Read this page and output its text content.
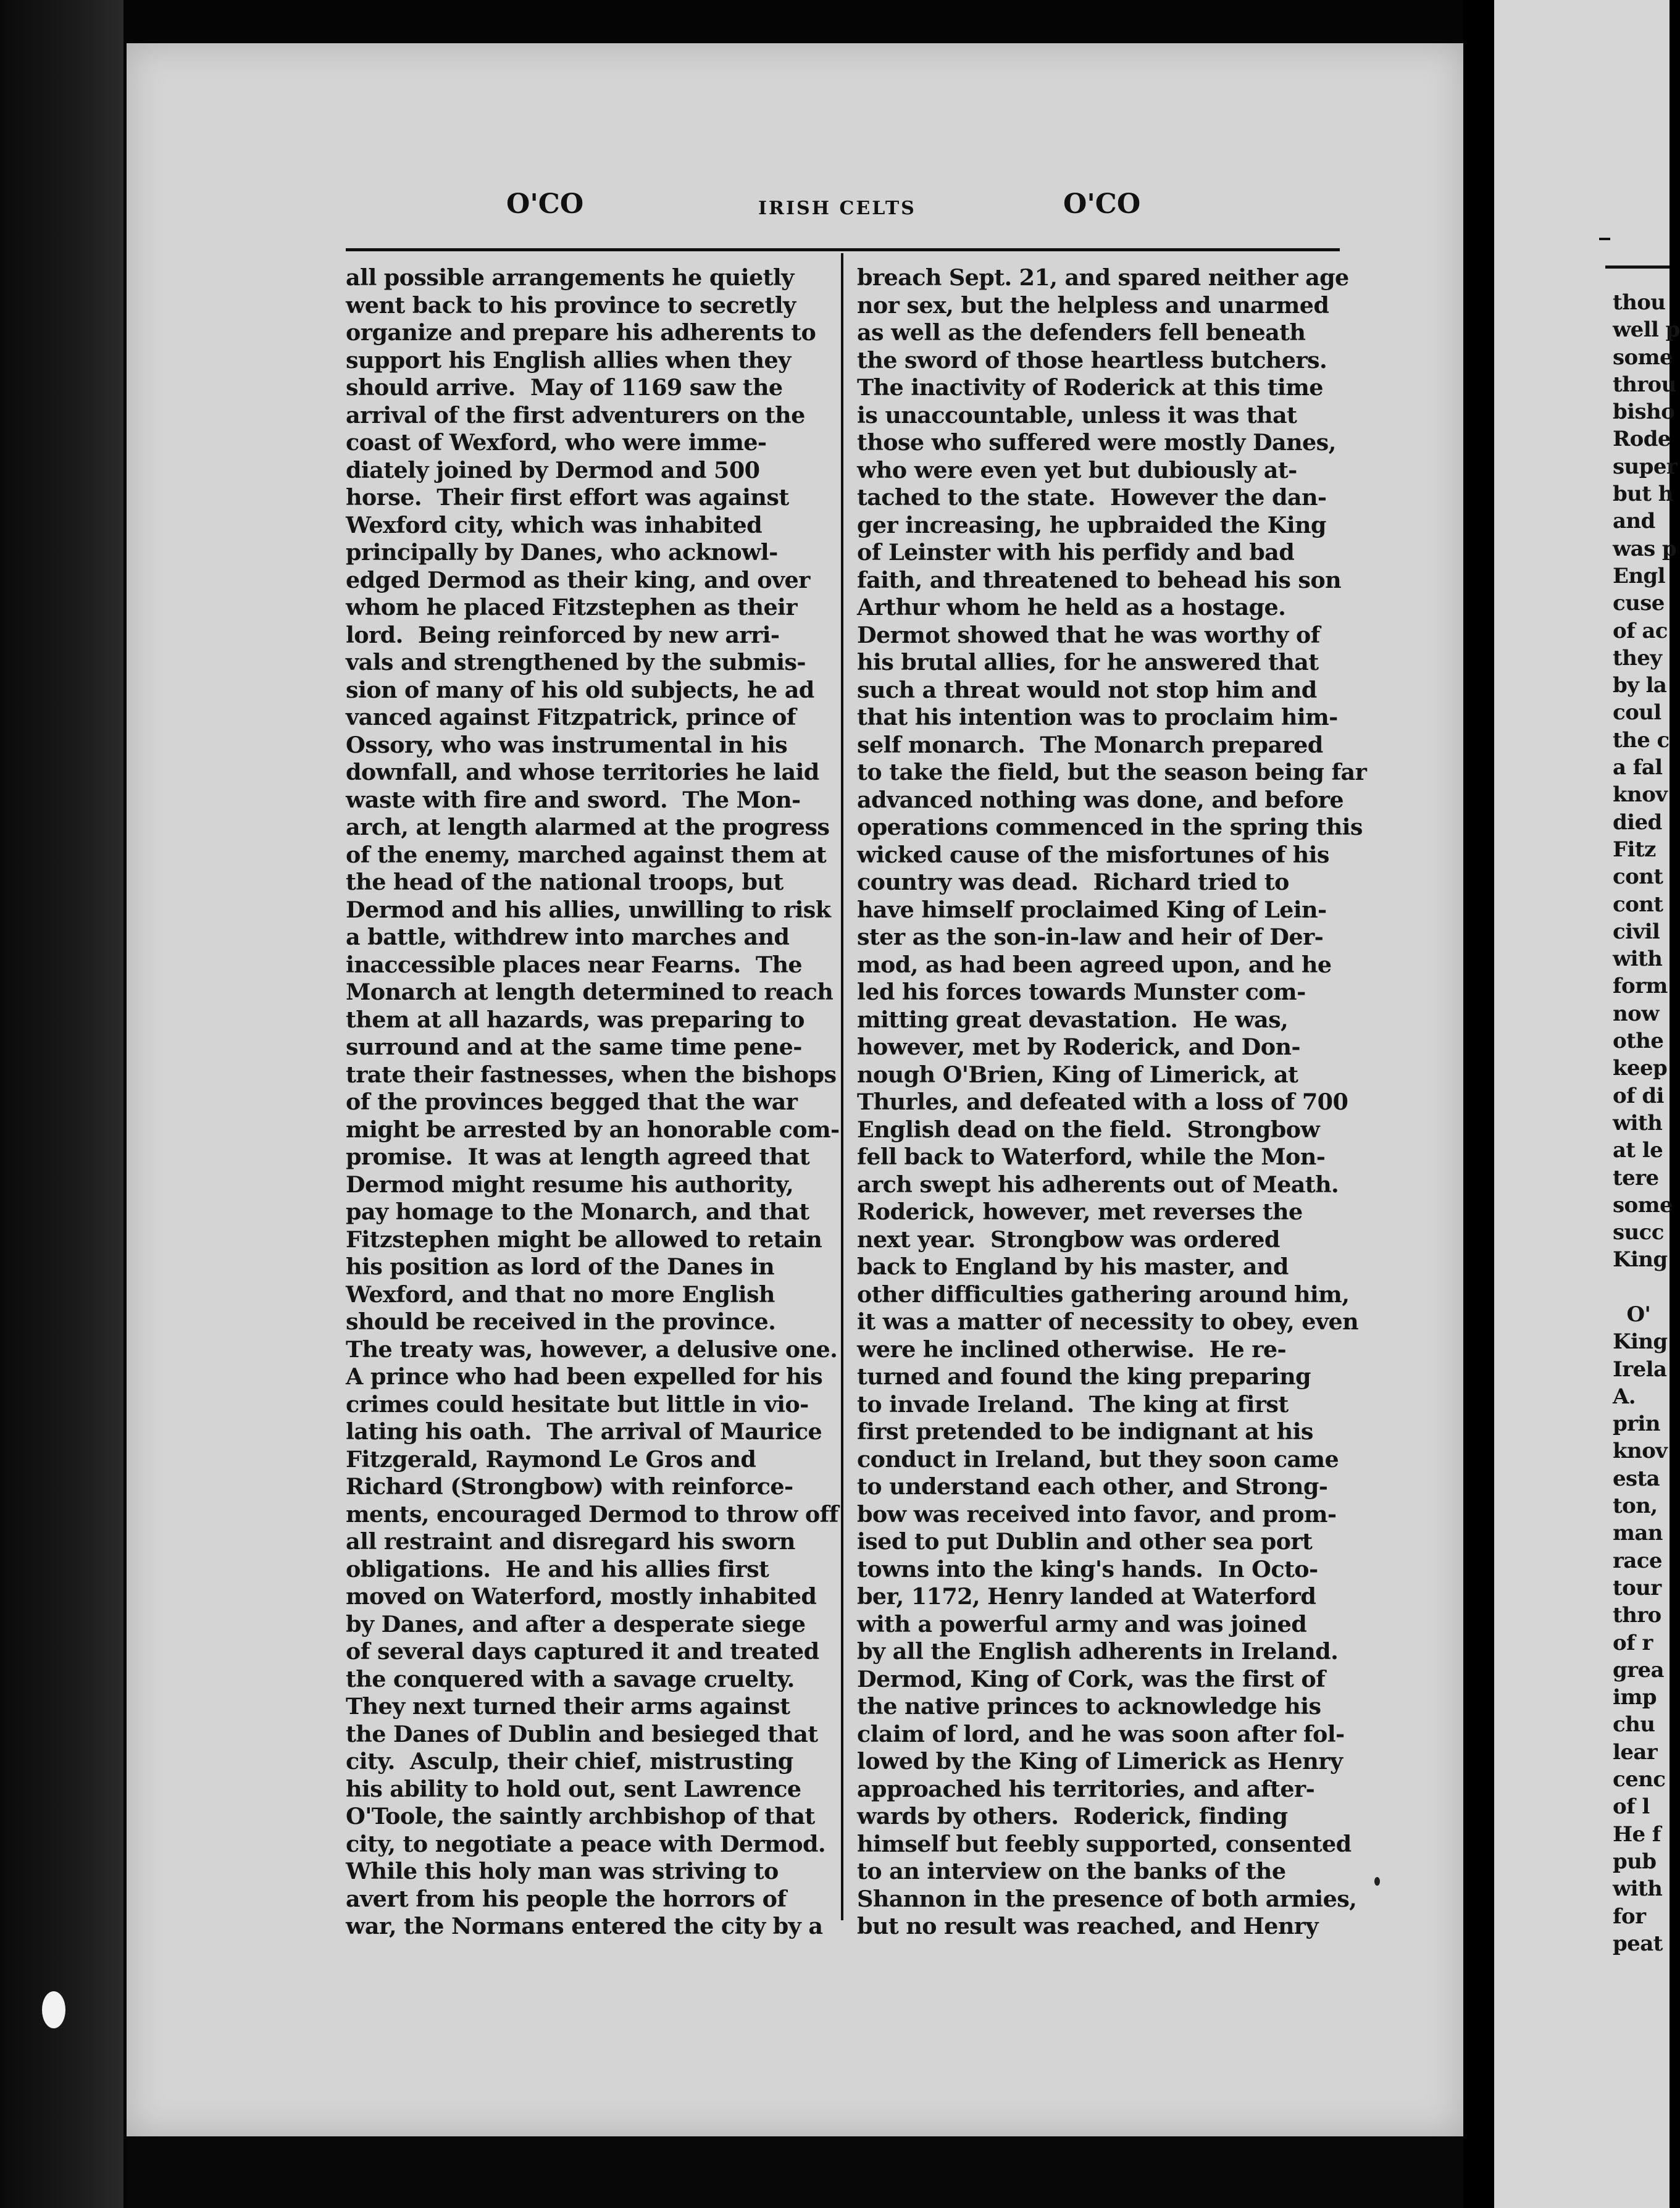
O'CO	IRISH CELTS	O'CO
all possible arrangements he quietly
went back to his province to secretly
organize and prepare his adherents to
support his English allies when they
should arrive.  May of 1169 saw the
arrival of the first adventurers on the
coast of Wexford, who were imme-
diately joined by Dermod and 500
horse.  Their first effort was against
Wexford city, which was inhabited
principally by Danes, who acknowl-
edged Dermod as their king, and over
whom he placed Fitzstephen as their
lord.  Being reinforced by new arri-
vals and strengthened by the submis-
sion of many of his old subjects, he ad
vanced against Fitzpatrick, prince of
Ossory, who was instrumental in his
downfall, and whose territories he laid
waste with fire and sword.  The Mon-
arch, at length alarmed at the progress
of the enemy, marched against them at
the head of the national troops, but
Dermod and his allies, unwilling to risk
a battle, withdrew into marches and
inaccessible places near Fearns.  The
Monarch at length determined to reach
them at all hazards, was preparing to
surround and at the same time pene-
trate their fastnesses, when the bishops
of the provinces begged that the war
might be arrested by an honorable com-
promise.  It was at length agreed that
Dermod might resume his authority,
pay homage to the Monarch, and that
Fitzstephen might be allowed to retain
his position as lord of the Danes in
Wexford, and that no more English
should be received in the province.
The treaty was, however, a delusive one.
A prince who had been expelled for his
crimes could hesitate but little in vio-
lating his oath.  The arrival of Maurice
Fitzgerald, Raymond Le Gros and
Richard (Strongbow) with reinforce-
ments, encouraged Dermod to throw off
all restraint and disregard his sworn
obligations.  He and his allies first
moved on Waterford, mostly inhabited
by Danes, and after a desperate siege
of several days captured it and treated
the conquered with a savage cruelty.
They next turned their arms against
the Danes of Dublin and besieged that
city.  Asculp, their chief, mistrusting
his ability to hold out, sent Lawrence
O'Toole, the saintly archbishop of that
city, to negotiate a peace with Dermod.
While this holy man was striving to
avert from his people the horrors of
war, the Normans entered the city by a
breach Sept. 21, and spared neither age
nor sex, but the helpless and unarmed
as well as the defenders fell beneath
the sword of those heartless butchers.
The inactivity of Roderick at this time
is unaccountable, unless it was that
those who suffered were mostly Danes,
who were even yet but dubiously at-
tached to the state.  However the dan-
ger increasing, he upbraided the King
of Leinster with his perfidy and bad
faith, and threatened to behead his son
Arthur whom he held as a hostage.
Dermot showed that he was worthy of
his brutal allies, for he answered that
such a threat would not stop him and
that his intention was to proclaim him-
self monarch.  The Monarch prepared
to take the field, but the season being
advanced nothing was done, and before
operations commenced in the spring this
wicked cause of the misfortunes of his
country was dead.  Richard tried to
have himself proclaimed King of Lein-
ster as the son-in-law and heir of Der-
mod, as had been agreed upon, and he
led his forces towards Munster com-
mitting great devastation.  He was,
however, met by Roderick, and Don-
nough O'Brien, King of Limerick, at
Thurles, and defeated with a loss of 700
English dead on the field.  Strongbow
fell back to Waterford, while the Mon-
arch swept his adherents out of Meath.
Roderick, however, met reverses the
next year.  Strongbow was ordered
back to England by his master, and
other difficulties gathering around him,
it was a matter of necessity to obey, even
were he inclined otherwise.  He re-
turned and found the king preparing
to invade Ireland.  The king at first
first pretended to be indignant at his
conduct in Ireland, but they soon came
to understand each other, and Strong-
bow was received into favor, and prom-
ised to put Dublin and other sea port
towns into the king's hands.  In Octo-
ber, 1172, Henry landed at Waterford
with a powerful army and was joined
by all the English adherents in Ireland.
Dermod, King of Cork, was the first of
the native princes to acknowledge his
claim of lord, and he was soon after fol-
lowed by the King of Limerick as Henry
approached his territories, and after-
wards by others.  Roderick, finding
himself but feebly supported, consented
to an interview on the banks of the
Shannon in the presence of both armies,
but no result was reached, and Henry
thou
well p
some
throu
bisho
Rode
super
but h
and
was p
Engl
cuse
of ac
they
by la
coul
the c
a fal
knov
died
Fitz
cont
cont
civil
with
form
now
othe
keep
of di
with
at le
tere
some
succ
King

O'
King
Irela
A.
prin
knov
esta
ton,
man
race
tour
thro
of r
grea
imp
chu
lear
cenc
of l
He f
pub
with
for
peat
